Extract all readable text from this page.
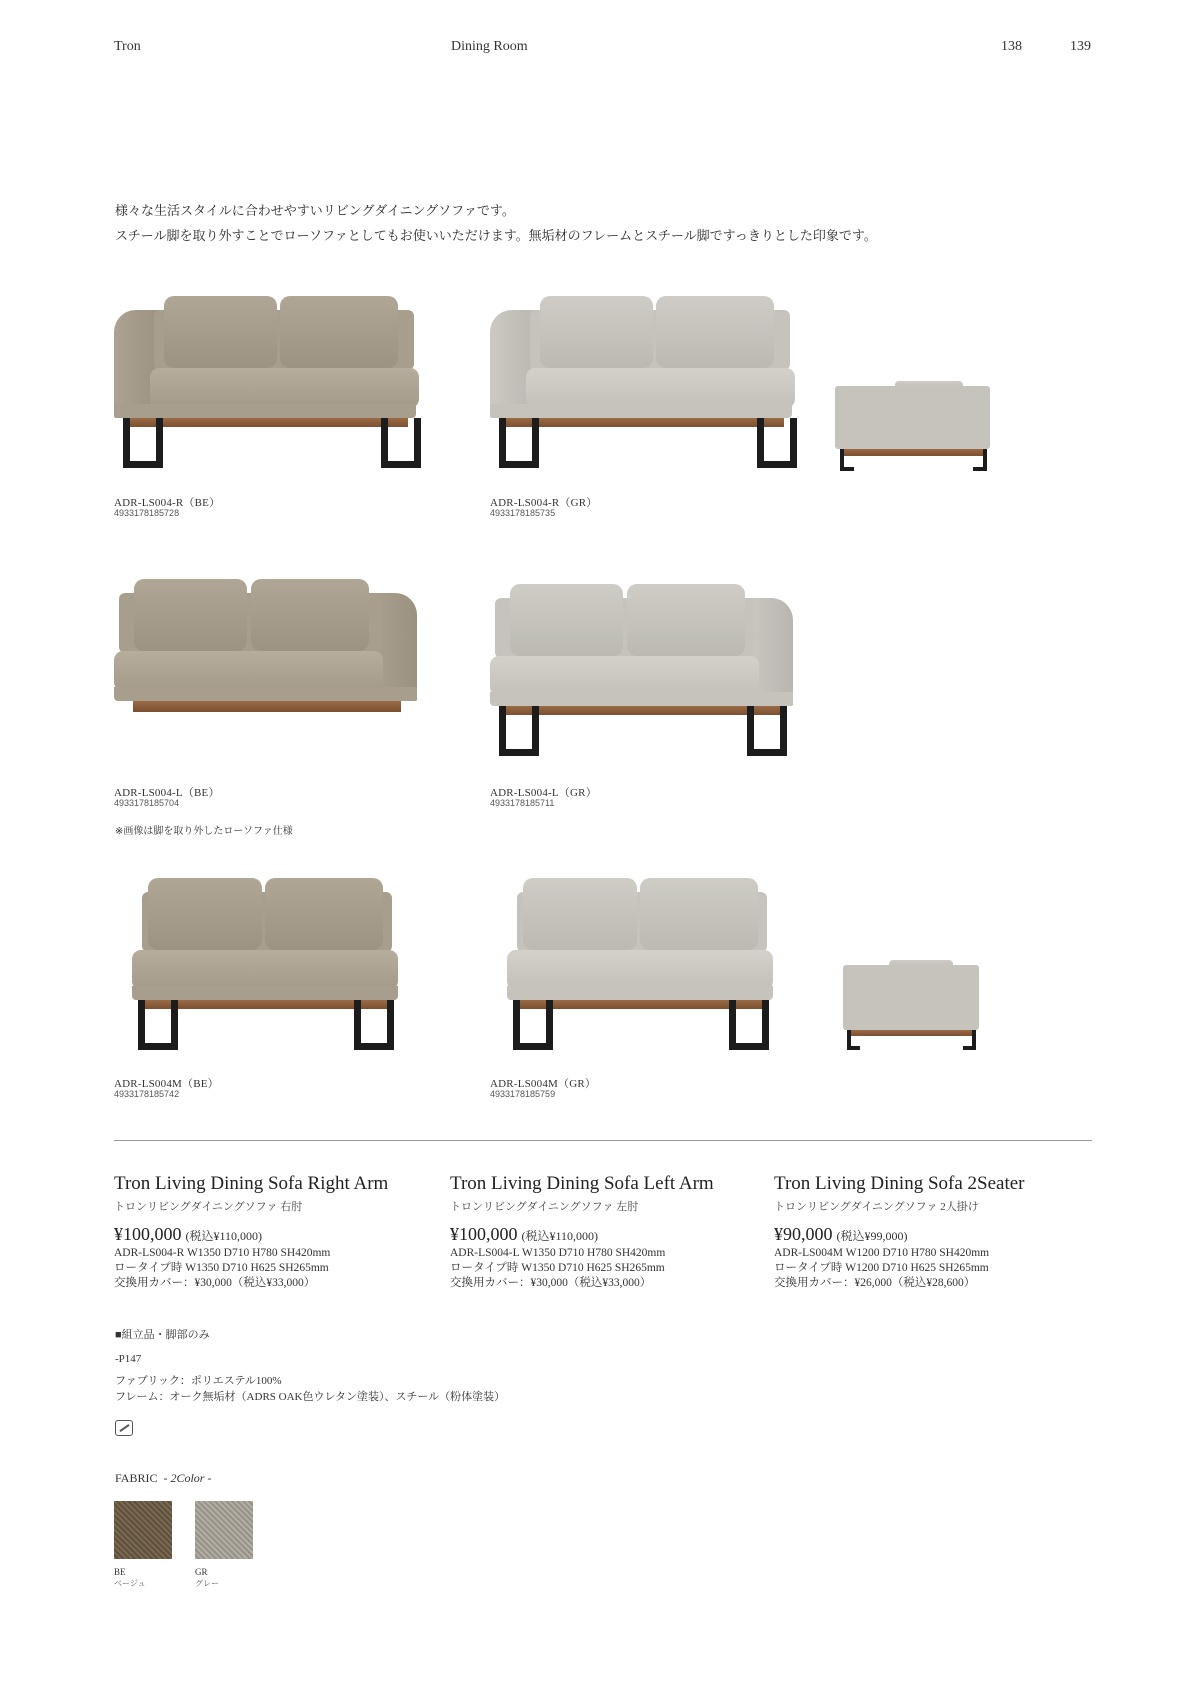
Tron	Dining Room	138	139
様々な生活スタイルに合わせやすいリビングダイニングソファです。
スチール脚を取り外すことでローソファとしてもお使いいただけます。無垢材のフレームとスチール脚ですっきりとした印象です。
ADR-LS004-R（BE）
4933178185728
ADR-LS004-R（GR）
4933178185735
ADR-LS004-L（BE）
4933178185704
ADR-LS004-L（GR）
4933178185711
※画像は脚を取り外したローソファ仕様
ADR-LS004M（BE）
4933178185742
ADR-LS004M（GR）
4933178185759
Tron Living Dining Sofa Right Arm
トロンリビングダイニングソファ 右肘
¥100,000 (税込¥110,000)
ADR-LS004-R W1350 D710 H780 SH420mm
ロータイプ時 W1350 D710 H625 SH265mm
交換用カバー：¥30,000（税込¥33,000）
Tron Living Dining Sofa Left Arm
トロンリビングダイニングソファ 左肘
¥100,000 (税込¥110,000)
ADR-LS004-L W1350 D710 H780 SH420mm
ロータイプ時 W1350 D710 H625 SH265mm
交換用カバー：¥30,000（税込¥33,000）
Tron Living Dining Sofa 2Seater
トロンリビングダイニングソファ 2人掛け
¥90,000 (税込¥99,000)
ADR-LS004M W1200 D710 H780 SH420mm
ロータイプ時 W1200 D710 H625 SH265mm
交換用カバー：¥26,000（税込¥28,600）
■組立品・脚部のみ
-P147
ファブリック：ポリエステル100%
フレーム：オーク無垢材（ADRS OAK色ウレタン塗装）、スチール（粉体塗装）
FABRIC - 2Color -
BE
ベージュ
GR
グレー
